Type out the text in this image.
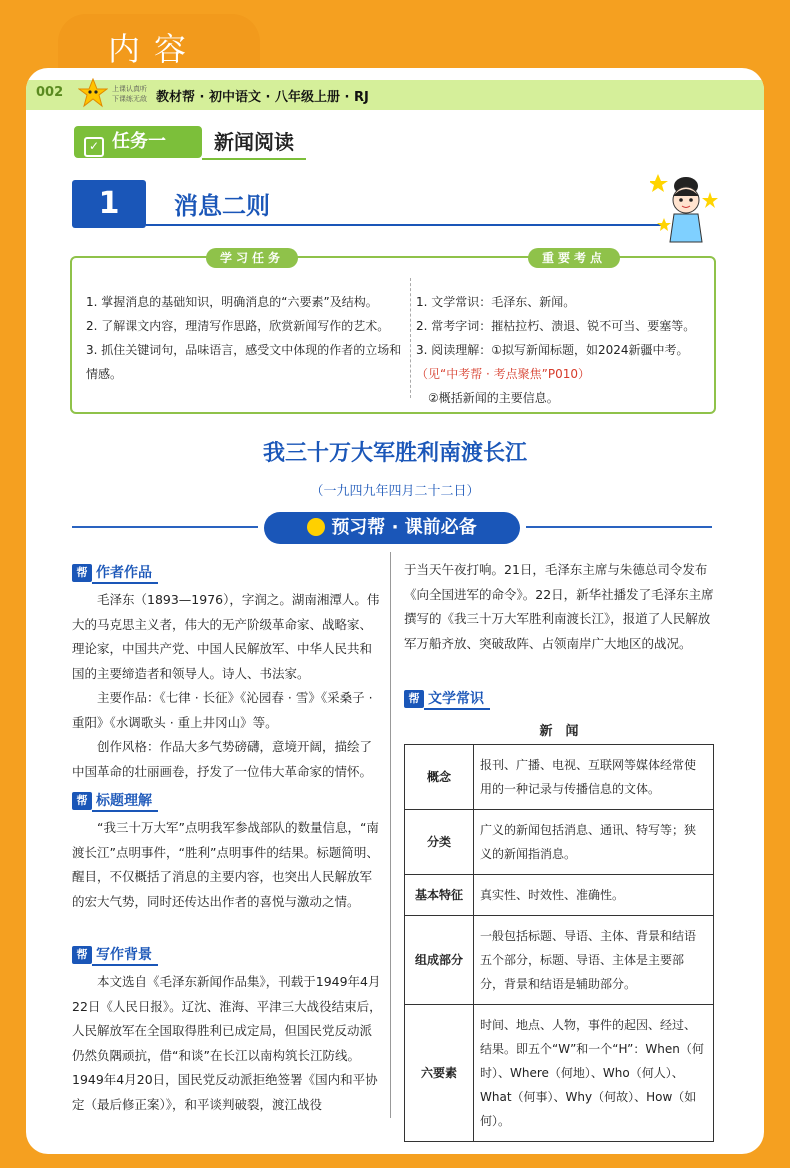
内容
002	上课认真听 下课练无敌 教材帮 · 初中语文 · 八年级上册 · RJ
✓ 任务一	新闻阅读
1	消息二则
学习任务	重要考点

1. 掌握消息的基础知识，明确消息的“六要素”及结构。

2. 了解课文内容，理清写作思路，欣赏新闻写作的艺术。

3. 抓住关键词句，品味语言，感受文中体现的作者的立场和情感。

1. 文学常识：毛泽东、新闻。

2. 常考字词：摧枯拉朽、溃退、锐不可当、要塞等。

3. 阅读理解：①拟写新闻标题，如2024新疆中考。

（见“中考帮 · 考点聚焦”P010）

②概括新闻的主要信息。

我三十万大军胜利南渡长江
（一九四九年四月二十二日）
预习帮 · 课前必备
帮 作者作品

毛泽东（1893—1976），字润之。湖南湘潭人。伟大的马克思主义者，伟大的无产阶级革命家、战略家、理论家，中国共产党、中国人民解放军、中华人民共和国的主要缔造者和领导人。诗人、书法家。

主要作品：《七律 · 长征》《沁园春 · 雪》《采桑子 · 重阳》《水调歌头 · 重上井冈山》等。

创作风格：作品大多气势磅礴，意境开阔，描绘了中国革命的壮丽画卷，抒发了一位伟大革命家的情怀。

帮 标题理解

“我三十万大军”点明我军参战部队的数量信息，“南渡长江”点明事件，“胜利”点明事件的结果。标题简明、醒目，不仅概括了消息的主要内容，也突出人民解放军的宏大气势，同时还传达出作者的喜悦与激动之情。

帮 写作背景

本文选自《毛泽东新闻作品集》，刊载于1949年4月22日《人民日报》。辽沈、淮海、平津三大战役结束后，人民解放军在全国取得胜利已成定局，但国民党反动派仍然负隅顽抗，借“和谈”在长江以南构筑长江防线。1949年4月20日，国民党反动派拒绝签署《国内和平协定（最后修正案）》，和平谈判破裂，渡江战役

于当天午夜打响。21日，毛泽东主席与朱德总司令发布《向全国进军的命令》。22日，新华社播发了毛泽东主席撰写的《我三十万大军胜利南渡长江》，报道了人民解放军万船齐放、突破敌阵、占领南岸广大地区的战况。

帮 文学常识
新　闻
概念	报刊、广播、电视、互联网等媒体经常使用的一种记录与传播信息的文体。
分类	广义的新闻包括消息、通讯、特写等；狭义的新闻指消息。
基本特征	真实性、时效性、准确性。
组成部分	一般包括标题、导语、主体、背景和结语五个部分，标题、导语、主体是主要部分，背景和结语是辅助部分。
六要素	时间、地点、人物，事件的起因、经过、结果。即五个“W”和一个“H”：When（何时）、Where（何地）、Who（何人）、What（何事）、Why（何故）、How（如何）。
